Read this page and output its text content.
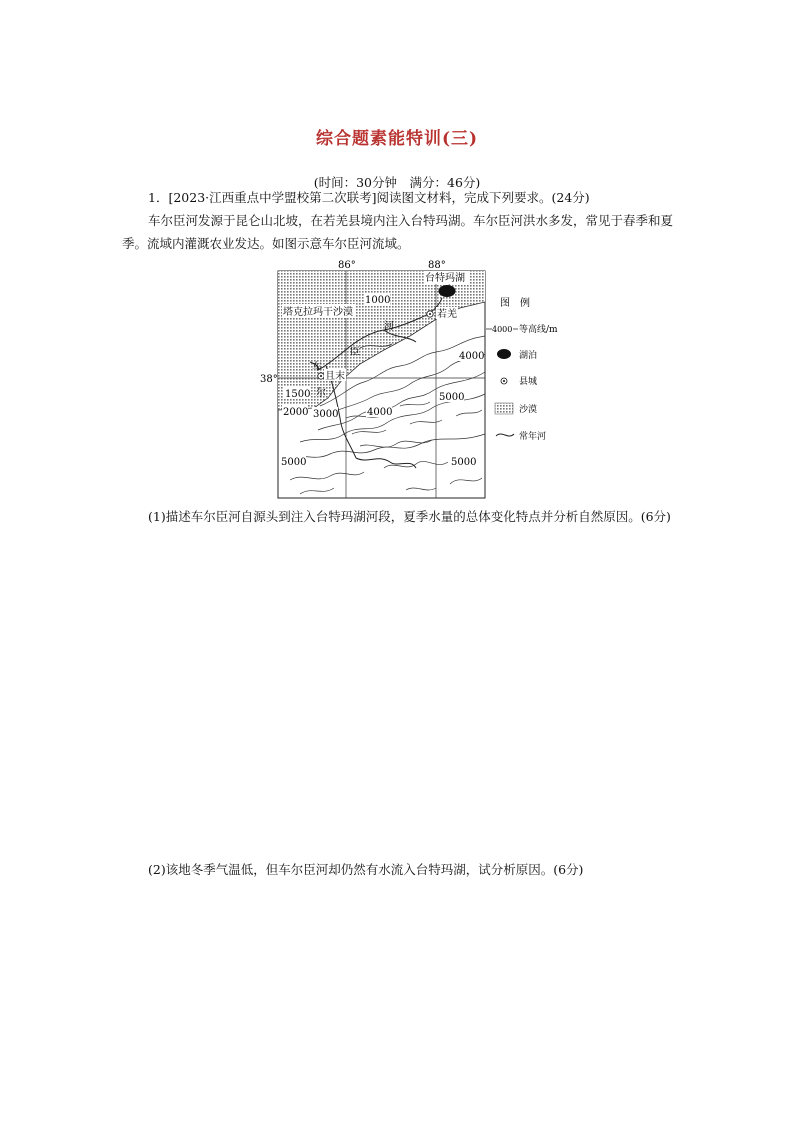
综合题素能特训(三)
(时间：30分钟　满分：46分)
1．[2023·江西重点中学盟校第二次联考]阅读图文材料，完成下列要求。(24分)
车尔臣河发源于昆仑山北坡，在若羌县境内注入台特玛湖。车尔臣河洪水多发，常见于春季和夏季。流域内灌溉农业发达。如图示意车尔臣河流域。
86°	88°
38°
塔克拉玛干沙漠
台特玛湖
若羌
且末
车
尔
臣
河
1000
4000
1500
2000 3000	4000
5000
5000	5000
图　例
4000 等高线/m
湖泊
县城
沙漠
常年河
(1)描述车尔臣河自源头到注入台特玛湖河段，夏季水量的总体变化特点并分析自然原因。(6分)
(2)该地冬季气温低，但车尔臣河却仍然有水流入台特玛湖，试分析原因。(6分)
